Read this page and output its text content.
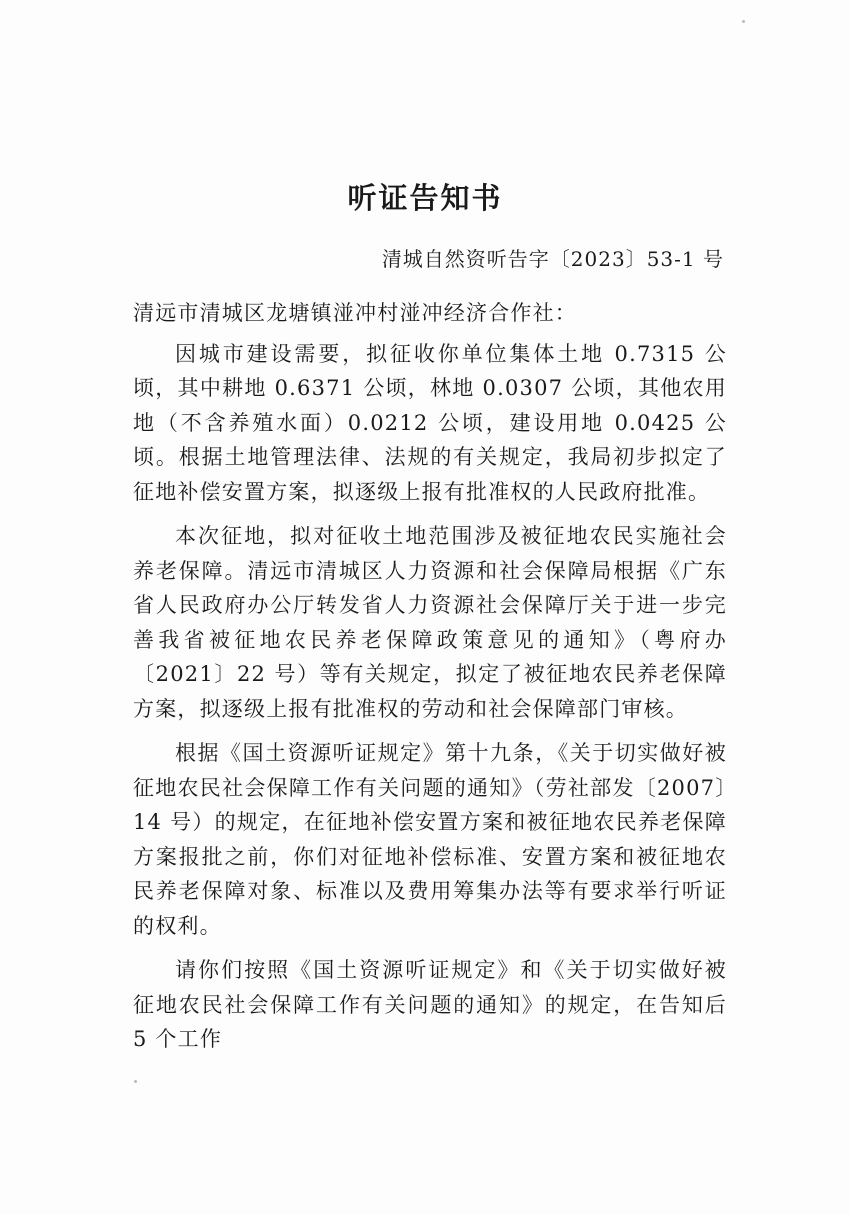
听证告知书
清城自然资听告字〔2023〕53-1 号

清远市清城区龙塘镇湴冲村湴冲经济合作社：

因城市建设需要，拟征收你单位集体土地 0.7315 公顷，其中耕地 0.6371 公顷，林地 0.0307 公顷，其他农用地（不含养殖水面）0.0212 公顷，建设用地 0.0425 公顷。根据土地管理法律、法规的有关规定，我局初步拟定了征地补偿安置方案，拟逐级上报有批准权的人民政府批准。

本次征地，拟对征收土地范围涉及被征地农民实施社会养老保障。清远市清城区人力资源和社会保障局根据《广东省人民政府办公厅转发省人力资源社会保障厅关于进一步完善我省被征地农民养老保障政策意见的通知》（粤府办〔2021〕22 号）等有关规定，拟定了被征地农民养老保障方案，拟逐级上报有批准权的劳动和社会保障部门审核。

根据《国土资源听证规定》第十九条，《关于切实做好被征地农民社会保障工作有关问题的通知》（劳社部发〔2007〕14 号）的规定，在征地补偿安置方案和被征地农民养老保障方案报批之前，你们对征地补偿标准、安置方案和被征地农民养老保障对象、标准以及费用筹集办法等有要求举行听证的权利。

请你们按照《国土资源听证规定》和《关于切实做好被征地农民社会保障工作有关问题的通知》的规定，在告知后 5 个工作
